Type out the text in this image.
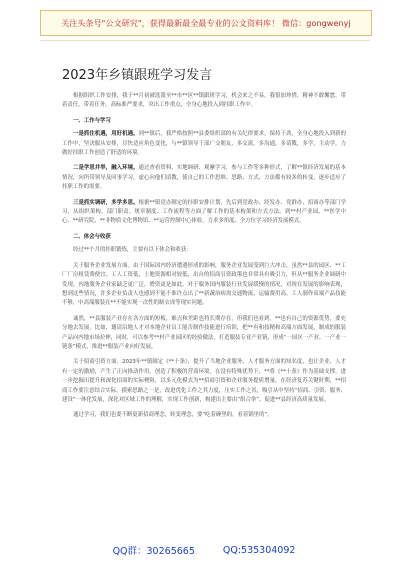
关注头条号"公文研究"，获得最新最全最专业的公文资料库！ 微信：gongwenyj
2023年乡镇跟班学习发言

根据组织工作安排，我于**月初被选派至**市**区**镇跟班学习，机会来之不易，我很加珍惜，精神不敢懈怠，带着责任，带着任务，高标准严要求，突出工作重点，全身心地投入到挂职工作中。

一、工作与学习

一是抓住机遇，用好机遇。到**镇后，我严格按照**县委组织部的有关纪律要求，保持干劲，全身心地投入到新的工作中，坚决服从安排，尽快适应角色变化，与**镇领导干部广交朋友，多交流，多沟通，多请教，多学，主动学，力做好挂职工作创造了舒适的环境。

二是学思并举，融入环境。通过查看资料、实地调研、观摩学习，参与工作等多种形式，了解**镇经济发展的基本情况，向所带领导及同事学习，虚心向他们请教，使自己的工作思维、思路、方式、方法都有较多的转变，逐步适应了挂职工作的需要。

三是抓实调研，多学多思。根据**镇党办制定的挂职安排计划，先后到党政办、经发办、党群办、招商办等部门学习，从组织架构、部门职责、规章制度、工作流程等方面了解工作的基本构架和方式方法，到**村产业园、**医学中心、**研究院、**非物质文化博物馆、**运营控制中心体验，力求多角度、全方位学习经济发展模式。

二、体会与收获

经过**个月的挂职锻炼，主要有以下体会和收获：

关于服务企业发展方面。由于国际国内经济遭遇形成的影响，服务企业发展受到巨大冲击，虽然**县的园区、**工厂厂房租赁费便宜、工人工资低，土地资源相对较低，出台的招商引资政策也非常具有吸引力，但从**服务企业调研中发现，内地服务企业家缺乏更广泛，增资更是如此。对于服务国内服装行业发展缓慢的情况，对现在发展的影响表现，想到这些情况，许多企业负责人也感到不能不准许点出了**新蔬治病需交通物流、运输费用高，工人制作高端产品技能不够，中高端服装在**不能实现一次性的制衣成等现实问题。

诚然，**县服装产业存在各方面的短板，难点和差距也将长期存在，但我们也看到，**也有自己的资源优势，要充分地去发展。比如，邀请沿地人才对本地企业员工能否制作技能进行培训，把**有和技精和高端方面发展，制成的服装产品向内地市场拉伸，同时，可以参考**村产业园区的经验做法，打造服装专业产业链，形成“一园区一产业、一产业一链条”模式，推进**服装产业向好发展。

关于招商引资方面。2023年**镇制定《**十条》，提升了当地企业服务、人才服务方面的知名度，也让企业、人才有一定的激励，产生了正向推动作用，创造了积极的营商环境。在没有特殊优势下，**将《**十条》作为基础支撑，进一步挖掘出提升和深化招商的实际梗阻，以多元化模式为**招商引资和企业服务提质增量，在经济复苏关键时期，**招商工作要注意结合实际，摸索思路之一是，改进优化工作之其力度，压实工作之其，吸引从中坚持“招商、引资、服务、建设”一体化发展，深化对区域工作的理解，实现工作创新，构建出主要由”组合拳”，促进**县经济高质量发展。

通过学习，我们也要不断更新招商理念，转变理念，要“吃着碗里的，看着锅里的”。

QQ群：30265665	QQ:535304092
